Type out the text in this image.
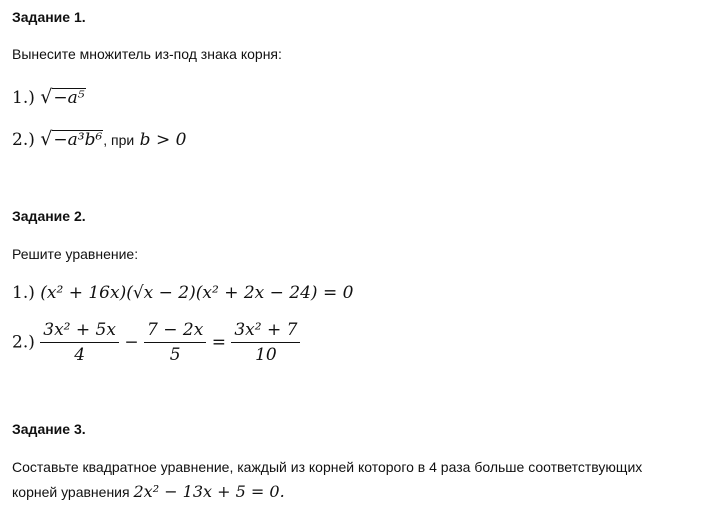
Задание 1.
Вынесите множитель из-под знака корня:
1.) √−a⁵
2.) √−a³b⁶, при b > 0
Задание 2.
Решите уравнение:
1.) (x² + 16x)(√x − 2)(x² + 2x − 24) = 0
$2.) \frac{\text{3x² + 5x}}{4} - \frac{7 - 2x}{5} = \frac{\text{3x² + 7}}{10}$
Задание 3.
Составьте квадратное уравнение, каждый из корней которого в 4 раза больше соответствующих
корней уравнения 2x² − 13x + 5 = 0.
